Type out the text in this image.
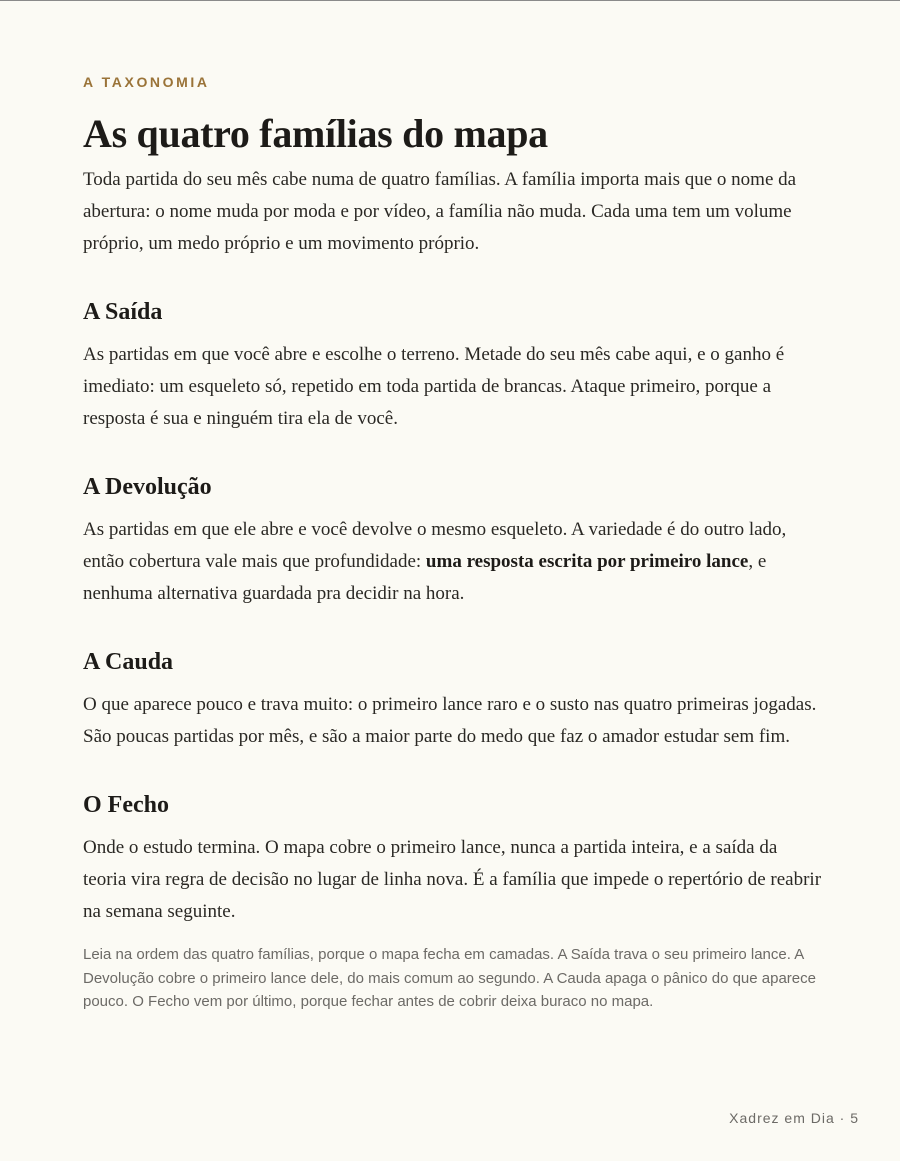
A TAXONOMIA

As quatro famílias do mapa

Toda partida do seu mês cabe numa de quatro famílias. A família importa mais que o nome da abertura: o nome muda por moda e por vídeo, a família não muda. Cada uma tem um volume próprio, um medo próprio e um movimento próprio.

A Saída

As partidas em que você abre e escolhe o terreno. Metade do seu mês cabe aqui, e o ganho é imediato: um esqueleto só, repetido em toda partida de brancas. Ataque primeiro, porque a resposta é sua e ninguém tira ela de você.

A Devolução

As partidas em que ele abre e você devolve o mesmo esqueleto. A variedade é do outro lado, então cobertura vale mais que profundidade: uma resposta escrita por primeiro lance, e nenhuma alternativa guardada pra decidir na hora.

A Cauda

O que aparece pouco e trava muito: o primeiro lance raro e o susto nas quatro primeiras jogadas. São poucas partidas por mês, e são a maior parte do medo que faz o amador estudar sem fim.

O Fecho

Onde o estudo termina. O mapa cobre o primeiro lance, nunca a partida inteira, e a saída da teoria vira regra de decisão no lugar de linha nova. É a família que impede o repertório de reabrir na semana seguinte.

Leia na ordem das quatro famílias, porque o mapa fecha em camadas. A Saída trava o seu primeiro lance. A Devolução cobre o primeiro lance dele, do mais comum ao segundo. A Cauda apaga o pânico do que aparece pouco. O Fecho vem por último, porque fechar antes de cobrir deixa buraco no mapa.

Xadrez em Dia · 5
